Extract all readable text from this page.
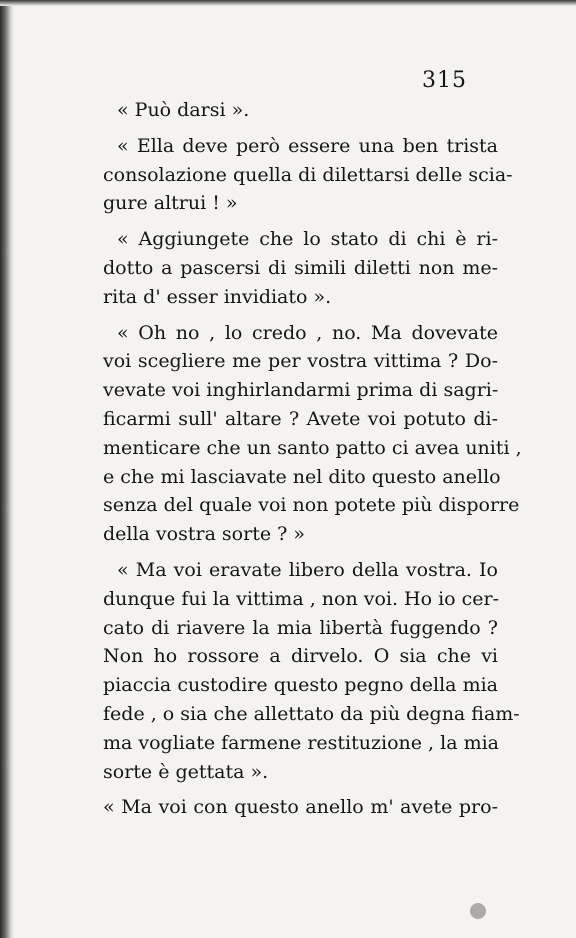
315
« Può darsi ».
« Ella deve però essere una ben trista
consolazione quella di dilettarsi delle scia-
gure altrui ! »
« Aggiungete che lo stato di chi è ri-
dotto a pascersi di simili diletti non me-
rita d' esser invidiato ».
« Oh no , lo credo , no. Ma dovevate
voi scegliere me per vostra vittima ? Do-
vevate voi inghirlandarmi prima di sagri-
ficarmi sull' altare ? Avete voi potuto di-
menticare che un santo patto ci avea uniti ,
e che mi lasciavate nel dito questo anello
senza del quale voi non potete più disporre
della vostra sorte ? »
« Ma voi eravate libero della vostra. Io
dunque fui la vittima , non voi. Ho io cer-
cato di riavere la mia libertà fuggendo ?
Non ho rossore a dirvelo. O sia che vi
piaccia custodire questo pegno della mia
fede , o sia che allettato da più degna fiam-
ma vogliate farmene restituzione , la mia
sorte è gettata ».
« Ma voi con questo anello m' avete pro-
